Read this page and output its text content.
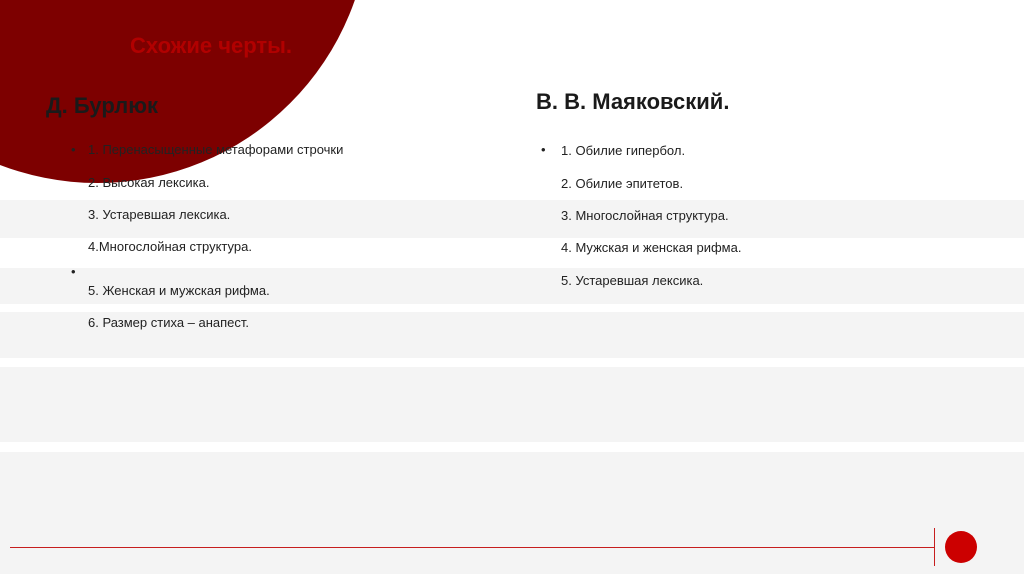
Схожие черты.
Д. Бурлюк
•
•
1. Перенасыщенные метафорами строчки
2. Высокая лексика.
3. Устаревшая лексика.
4.Многослойная структура.
5. Женская и мужская рифма.
6. Размер стиха – анапест.
В. В. Маяковский.
• 1. Обилие гипербол.
2. Обилие эпитетов.
3. Многослойная структура.
4. Мужская и женская рифма.
5. Устаревшая лексика.
